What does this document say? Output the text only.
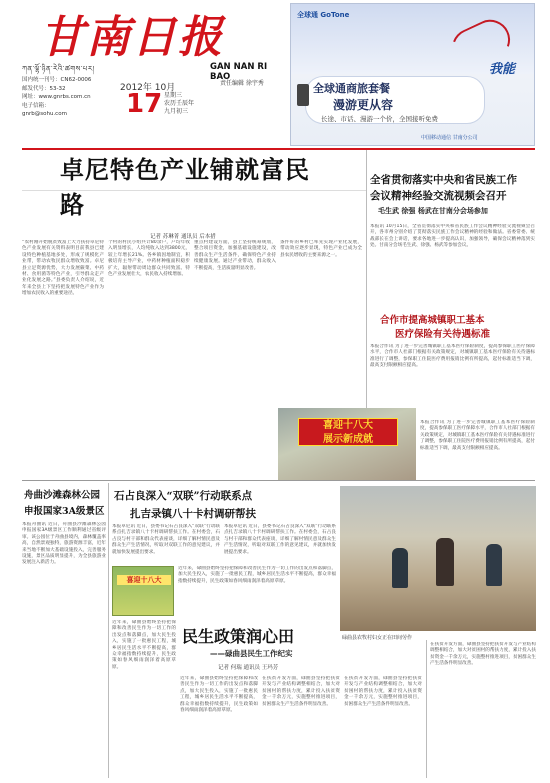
甘南日报
ཀན་ལྷོ་ཉིན་རེའི་ཚགས་པར།	GAN NAN RI BAO
国内统一刊号：CN62-0006
邮发代号：53-32
网址：www.gnrbs.com.cn
电子信箱：gnrb@sohu.com
2012年 10月
17 星期三
农历壬辰年
九月初三
责任编辑 徐宇秀
全球通 GoTone
我能
全球通商旅套餐
漫游更从容
长途、市话、漫游一个价，全国接听免费
中国移动通信 甘南分公司
卓尼特色产业铺就富民路
记者 苏琳菁 通讯员 后本措
“农村刚开始脱贫致富上大力扶持卓尼特色产业发展有关资料表明目前我县已建设特色种植基地多处，形成了规模化产业带，带动农牧民群众增收致富。卓尼县立足资源优势，大力发展蕨菜、中药材、食用菌等特色产业，引导群众走产业化发展之路。”县委负责人介绍说，近年来全县上下坚持把发展特色产业作为增加农民收入的重要途径。
个村的村民小组共计80余户，户均年收入明显增长，人均纯收入达到3800元，较上年增长21%。各乡镇因地制宜，积极培育主导产业，中药材种植面积稳步扩大，辐射带动周边群众共同致富。特色产业发展壮大，农民收入持续增加。
重点村建设方面，县上坚持统筹规划，整合项目资金，加强基础设施建设，改善群众生产生活条件，确保特色产业持续健康发展。通过产业带动，群众收入不断提高，生活质量明显改善。
条件好的乡村已率先实现产业化发展，带动效应逐步显现，特色产业已成为全县农民增收的主要来源之一。
全省贯彻落实中央和省民族工作
会议精神经验交流视频会召开
毛生武 徐强 杨武在甘南分会场参加
本报讯 10月15日，全省贯彻落实中央和省民族工作会议精神经验交流视频会召开，各市州分别介绍了贯彻落实民族工作会议精神的经验和做法。省委常委、统战部长在会上讲话，要求各地进一步提高认识，加强领导，确保会议精神落到实处。甘南分会场毛生武、徐强、杨武等参加会议。
合作市提高城镇职工基本
医疗保险有关待遇标准
本报合作讯 为了进一步完善城镇职工基本医疗保险制度，提高参保职工医疗保障水平，合作市人社部门根据有关政策规定，对城镇职工基本医疗保险有关待遇标准进行了调整，参保职工住院医疗费用报销比例有所提高，起付标准适当下调，最高支付限额相应提高。
喜迎十八大
展示新成就
本报合作讯 为了进一步完善城镇职工基本医疗保险制度，提高参保职工医疗保障水平，合作市人社部门根据有关政策规定，对城镇职工基本医疗保险有关待遇标准进行了调整，参保职工住院医疗费用报销比例有所提高，起付标准适当下调，最高支付限额相应提高。
舟曲沙滩森林公园
申报国家3A级景区
本报舟曲讯 近日，舟曲县沙滩森林公园申报国家3A级景区工作顺利通过省级评审。该公园位于舟曲县境内，森林覆盖率高，自然景观独特，旅游资源丰富，近年来当地不断加大基础设施投入，完善服务设施，景区品质明显提升，为全县旅游业发展注入新活力。
石占良深入“双联”行动联系点
扎吉录镇八十卡村调研帮扶
本报卓尼讯 近日，县委书记石占良深入“双联”行动联系点扎吉录镇八十卡村调研帮扶工作。在村委会，石占良与村干部和群众代表座谈，详细了解村情民意及群众生产生活情况，听取对双联工作的意见建议，并就加快发展提出要求。
本报卓尼讯 近日，县委书记石占良深入“双联”行动联系点扎吉录镇八十卡村调研帮扶工作。在村委会，石占良与村干部和群众代表座谈，详细了解村情民意及群众生产生活情况，听取对双联工作的意见建议，并就加快发展提出要求。
喜迎十八大
近年来，碌曲县始终坚持把保障和改善民生作为一切工作的出发点和落脚点，加大民生投入，实施了一批惠民工程，城乡居民生活水平不断提高，群众幸福指数持续提升，民生政策如春风细雨润泽着高原草原。
碌曲县农牧村妇女正在田间劳作
民生政策润心田
——碌曲县民生工作纪实
记者 何瑞 通讯员 王玛芳
近年来，碌曲县始终坚持把保障和改善民生作为一切工作的出发点和落脚点，加大民生投入，实施了一批惠民工程，城乡居民生活水平不断提高，群众幸福指数持续提升，民生政策如春风细雨润泽着高原草原。
近年来，碌曲县始终坚持把保障和改善民生作为一切工作的出发点和落脚点，加大民生投入，实施了一批惠民工程，城乡居民生活水平不断提高，群众幸福指数持续提升，民生政策如春风细雨润泽着高原草原。
在扶贫开发方面，碌曲县坚持把扶贫开发与产业结构调整相结合，加大对贫困村的帮扶力度，累计投入扶贫资金一千余万元，实施整村推进项目，贫困群众生产生活条件明显改善。
在扶贫开发方面，碌曲县坚持把扶贫开发与产业结构调整相结合，加大对贫困村的帮扶力度，累计投入扶贫资金一千余万元，实施整村推进项目，贫困群众生产生活条件明显改善。
在扶贫开发方面，碌曲县坚持把扶贫开发与产业结构调整相结合，加大对贫困村的帮扶力度，累计投入扶贫资金一千余万元，实施整村推进项目，贫困群众生产生活条件明显改善。
